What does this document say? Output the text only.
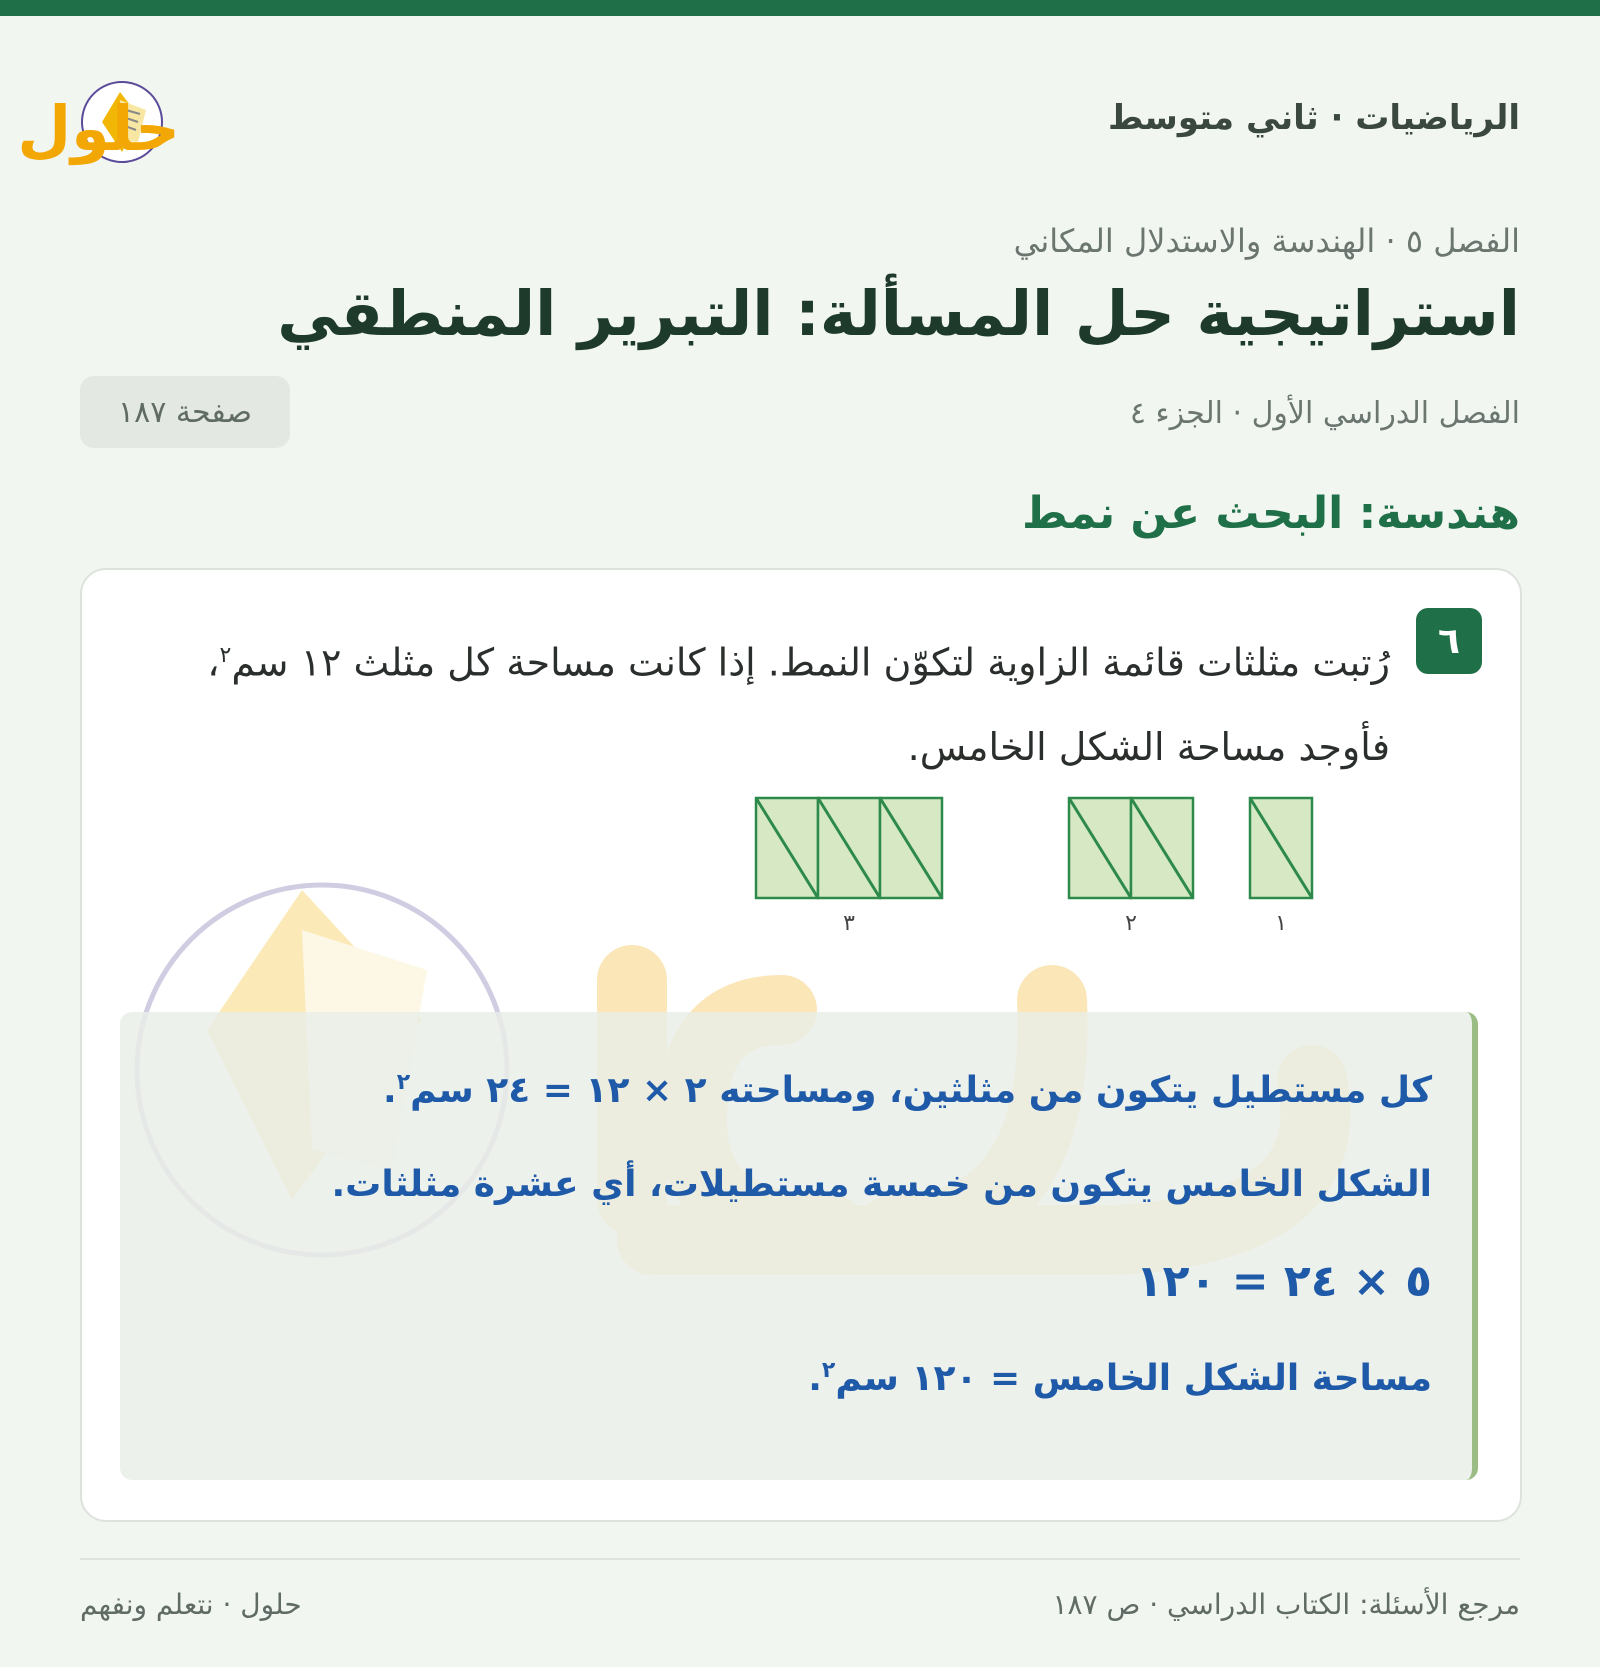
الرياضيات · ثاني متوسط
حلول
الفصل ٥ · الهندسة والاستدلال المكاني
استراتيجية حل المسألة: التبرير المنطقي
الفصل الدراسي الأول · الجزء ٤
صفحة ١٨٧
هندسة: البحث عن نمط
٦

رُتبت مثلثات قائمة الزاوية لتكوّن النمط. إذا كانت مساحة كل مثلث ١٢ سم$^٢$، فأوجد مساحة الشكل الخامس.

١
٢
٣

كل مستطيل يتكون من مثلثين، ومساحته ٢ × ١٢ = ٢٤ سم$^٢$.

الشكل الخامس يتكون من خمسة مستطيلات، أي عشرة مثلثات.

٥ × ٢٤ = ١٢٠

مساحة الشكل الخامس = ١٢٠ سم$^٢$.

مرجع الأسئلة: الكتاب الدراسي · ص ١٨٧
حلول · نتعلم ونفهم
